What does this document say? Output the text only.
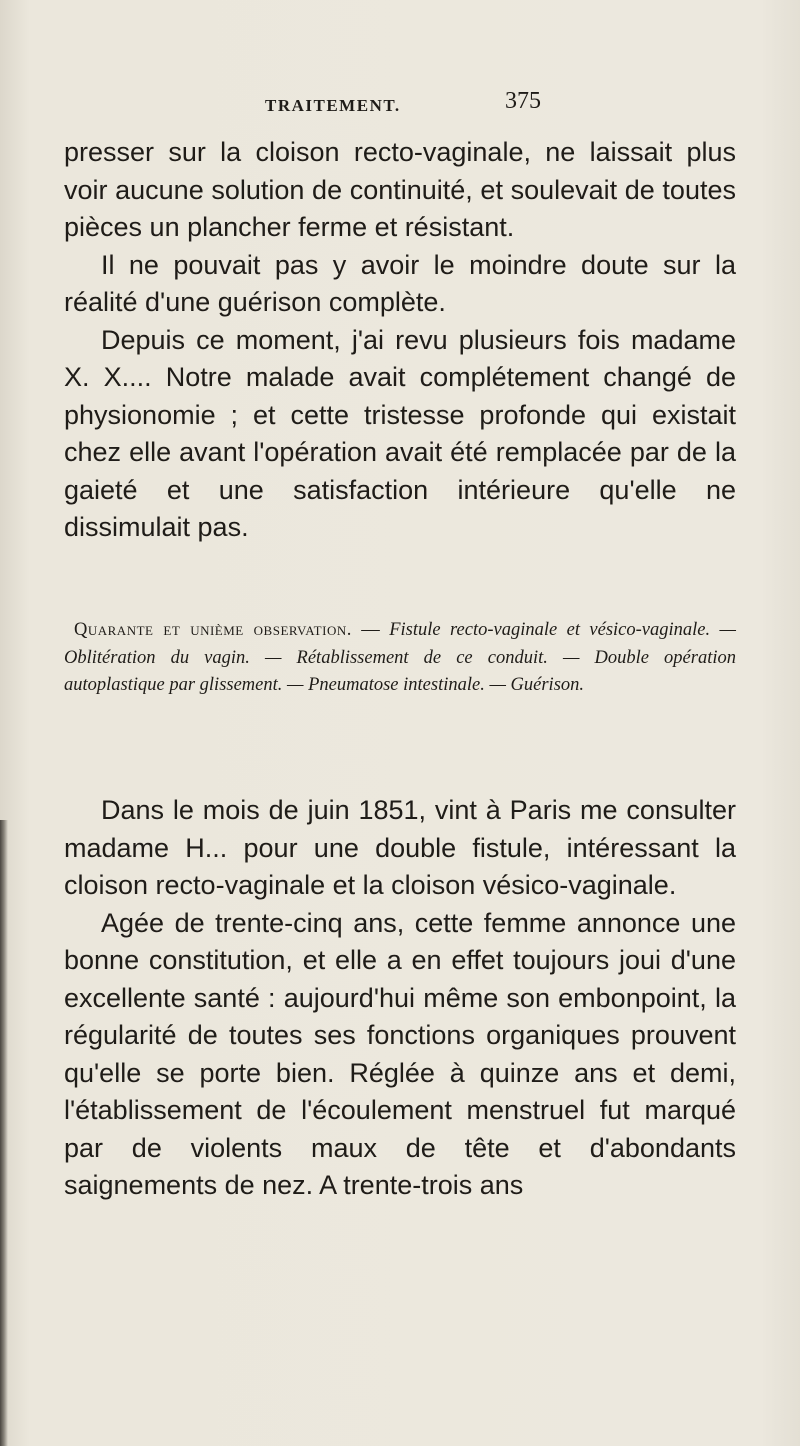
TRAITEMENT.	375

presser sur la cloison recto-vaginale, ne laissait plus voir aucune solution de continuité, et soulevait de toutes pièces un plancher ferme et résistant.

Il ne pouvait pas y avoir le moindre doute sur la réalité d'une guérison complète.

Depuis ce moment, j'ai revu plusieurs fois madame X. X.... Notre malade avait complétement changé de physionomie ; et cette tristesse profonde qui existait chez elle avant l'opération avait été remplacée par de la gaieté et une satisfaction intérieure qu'elle ne dissimulait pas.

Quarante et unième observation. — Fistule recto-vaginale et vésico-vaginale. — Oblitération du vagin. — Rétablissement de ce conduit. — Double opération autoplastique par glissement. — Pneumatose intestinale. — Guérison.

Dans le mois de juin 1851, vint à Paris me consulter madame H... pour une double fistule, intéressant la cloison recto-vaginale et la cloison vésico-vaginale.

Agée de trente-cinq ans, cette femme annonce une bonne constitution, et elle a en effet toujours joui d'une excellente santé : aujourd'hui même son embonpoint, la régularité de toutes ses fonctions organiques prouvent qu'elle se porte bien. Réglée à quinze ans et demi, l'établissement de l'écoulement menstruel fut marqué par de violents maux de tête et d'abondants saignements de nez. A trente-trois ans
